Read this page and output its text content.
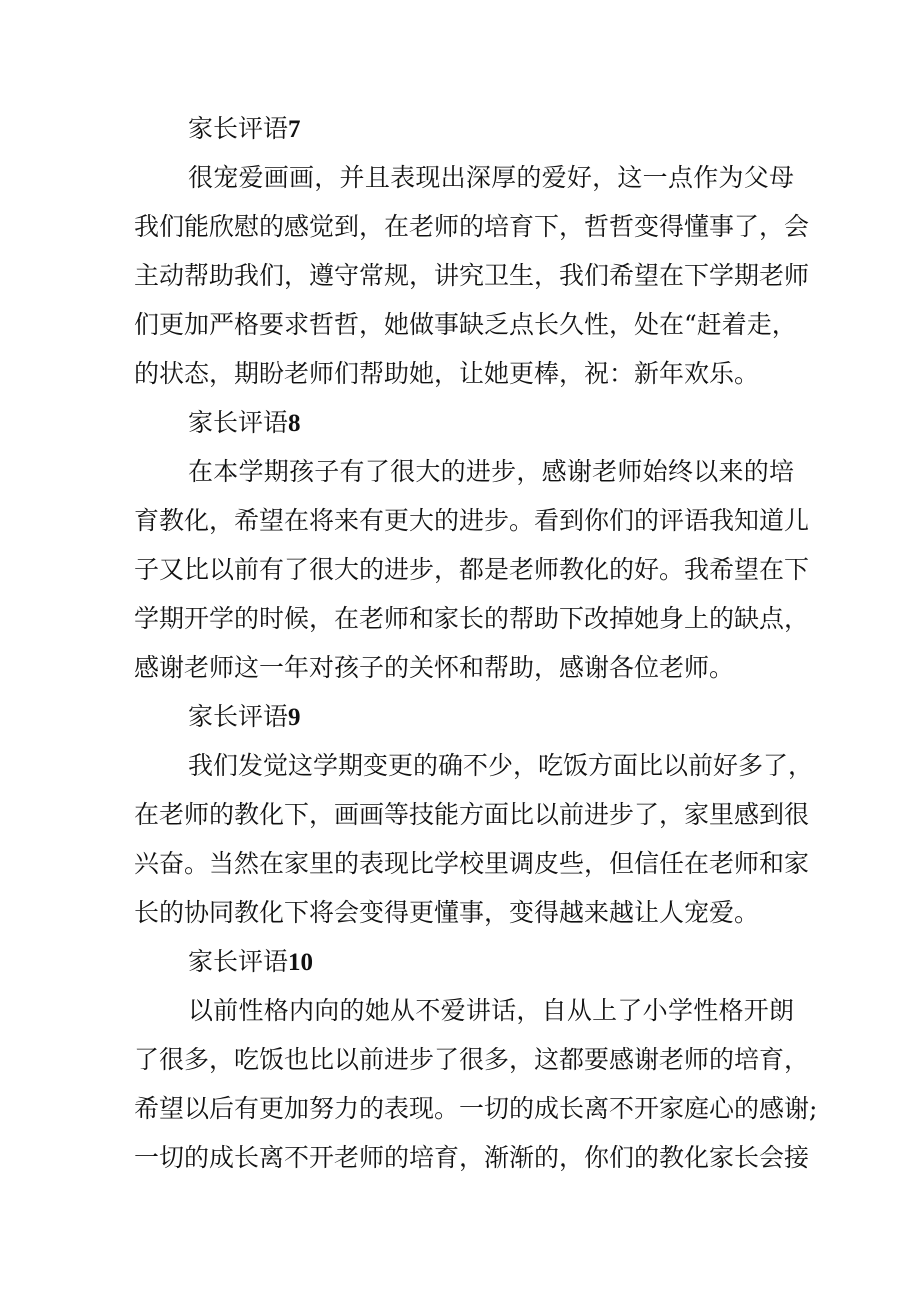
家长评语7
很宠爱画画，并且表现出深厚的爱好，这一点作为父母
我们能欣慰的感觉到，在老师的培育下，哲哲变得懂事了，会
主动帮助我们，遵守常规，讲究卫生，我们希望在下学期老师
们更加严格要求哲哲，她做事缺乏点长久性，处在“赶着走，
的状态，期盼老师们帮助她，让她更棒，祝：新年欢乐。
家长评语8
在本学期孩子有了很大的进步，感谢老师始终以来的培
育教化，希望在将来有更大的进步。看到你们的评语我知道儿
子又比以前有了很大的进步，都是老师教化的好。我希望在下
学期开学的时候，在老师和家长的帮助下改掉她身上的缺点，
感谢老师这一年对孩子的关怀和帮助，感谢各位老师。
家长评语9
我们发觉这学期变更的确不少，吃饭方面比以前好多了，
在老师的教化下，画画等技能方面比以前进步了，家里感到很
兴奋。当然在家里的表现比学校里调皮些，但信任在老师和家
长的协同教化下将会变得更懂事，变得越来越让人宠爱。
家长评语10
以前性格内向的她从不爱讲话，自从上了小学性格开朗
了很多，吃饭也比以前进步了很多，这都要感谢老师的培育，
希望以后有更加努力的表现。一切的成长离不开家庭心的感谢;
一切的成长离不开老师的培育，渐渐的，你们的教化家长会接
